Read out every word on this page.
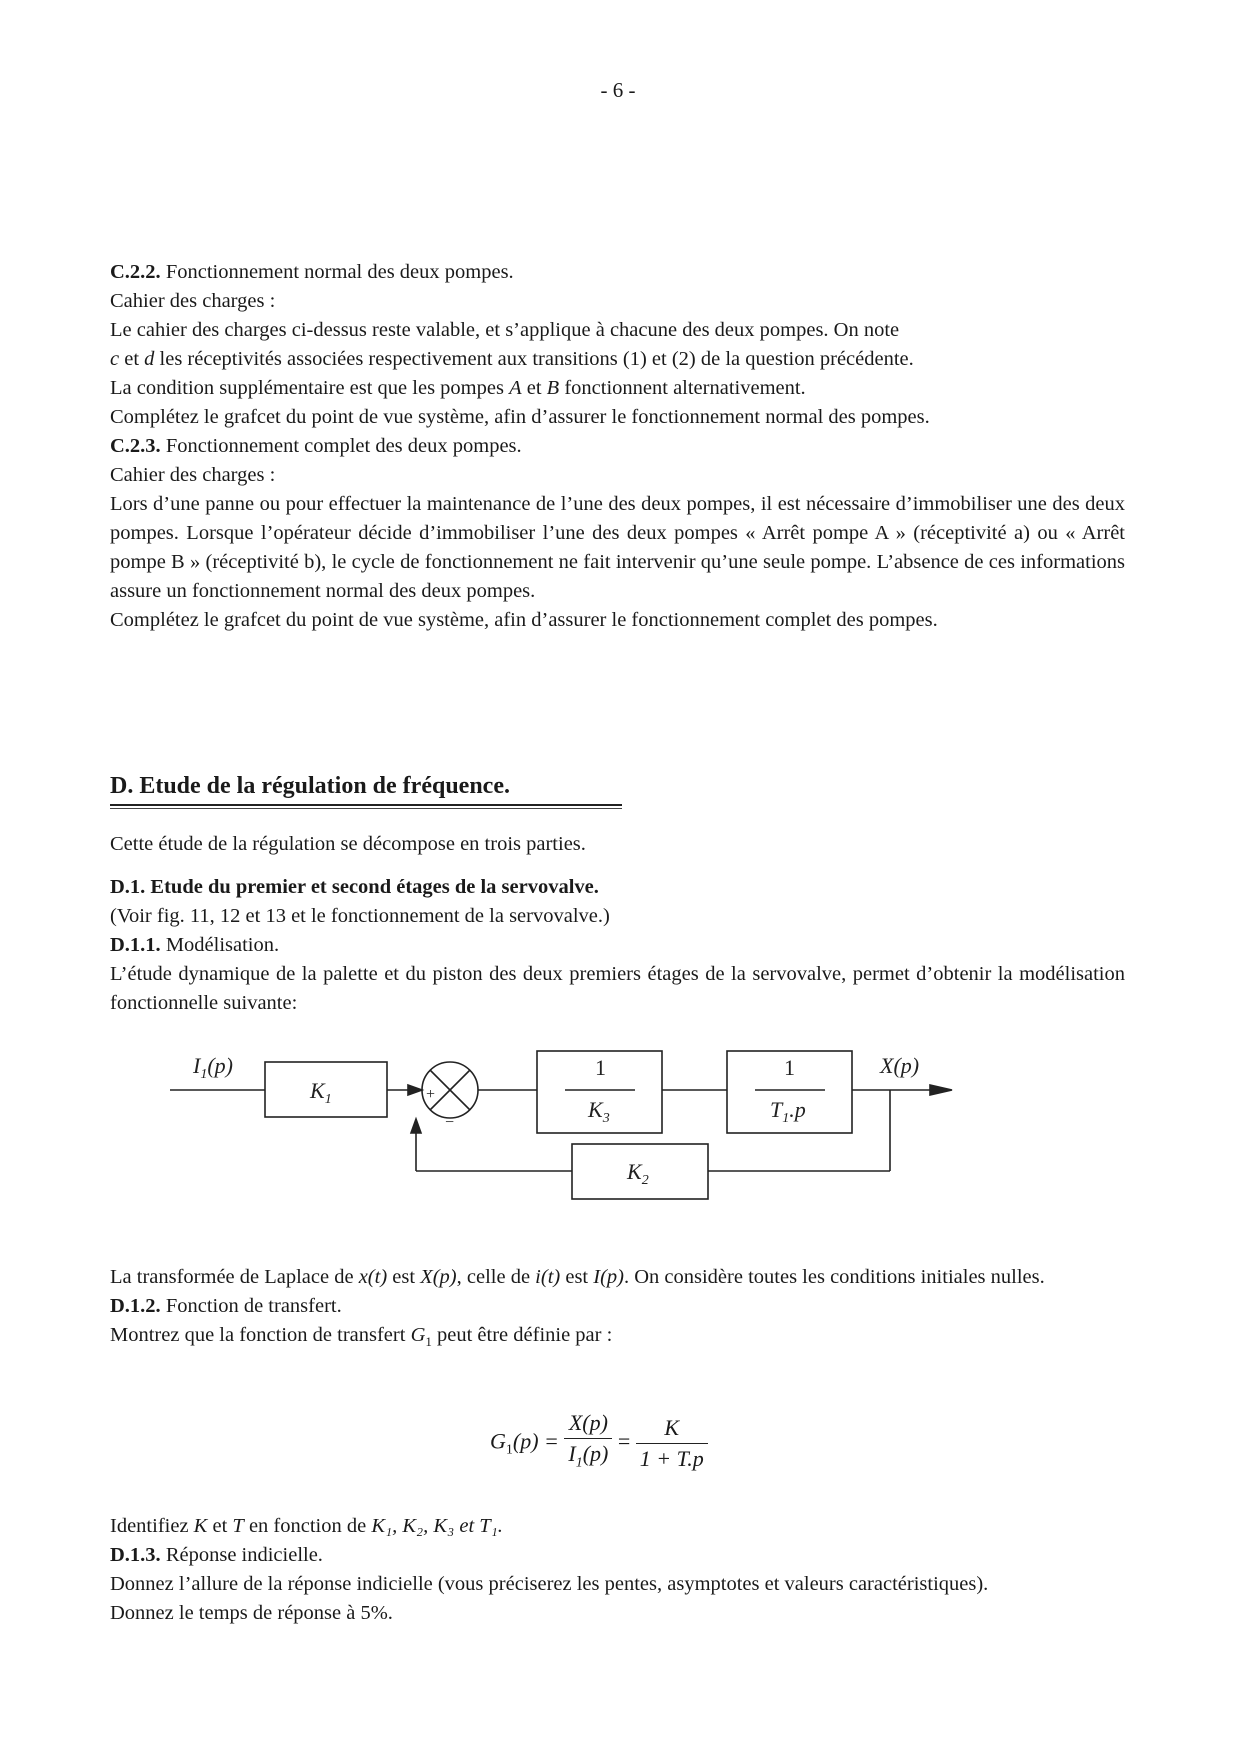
- 6 -

C.2.2. Fonctionnement normal des deux pompes.

Cahier des charges :

Le cahier des charges ci-dessus reste valable, et s’applique à chacune des deux pompes. On note

c et d les réceptivités associées respectivement aux transitions (1) et (2) de la question précédente.

La condition supplémentaire est que les pompes A et B fonctionnent alternativement.

Complétez le grafcet du point de vue système, afin d’assurer le fonctionnement normal des pompes.

C.2.3. Fonctionnement complet des deux pompes.

Cahier des charges :

Lors d’une panne ou pour effectuer la maintenance de l’une des deux pompes, il est nécessaire d’immobiliser une des deux pompes. Lorsque l’opérateur décide d’immobiliser l’une des deux pompes « Arrêt pompe A » (réceptivité a) ou « Arrêt pompe B » (réceptivité b), le cycle de fonctionnement ne fait intervenir qu’une seule pompe. L’absence de ces informations assure un fonctionnement normal des deux pompes.

Complétez le grafcet du point de vue système, afin d’assurer le fonctionnement complet des pompes.

D. Etude de la régulation de fréquence.

Cette étude de la régulation se décompose en trois parties.

D.1. Etude du premier et second étages de la servovalve.

(Voir fig. 11, 12 et 13 et le fonctionnement de la servovalve.)

D.1.1. Modélisation.

L’étude dynamique de la palette et du piston des deux premiers étages de la servovalve, permet d’obtenir la modélisation fonctionnelle suivante:

$I_1(p)$
$K_1$	+
−
1
$K_3$
1
$T_1.p$
X(p)
$K_2$

La transformée de Laplace de x(t) est X(p), celle de i(t) est I(p). On considère toutes les conditions initiales nulles.

D.1.2. Fonction de transfert.

Montrez que la fonction de transfert $G_1$ peut être définie par :

$G_1(p) = \frac{X(p)}{I_1(p)} = \frac{K}{1 + T.p}$

Identifiez K et T en fonction de K₁, K₂, K₃ et T₁.

D.1.3. Réponse indicielle.

Donnez l’allure de la réponse indicielle (vous préciserez les pentes, asymptotes et valeurs caractéristiques).

Donnez le temps de réponse à 5%.
